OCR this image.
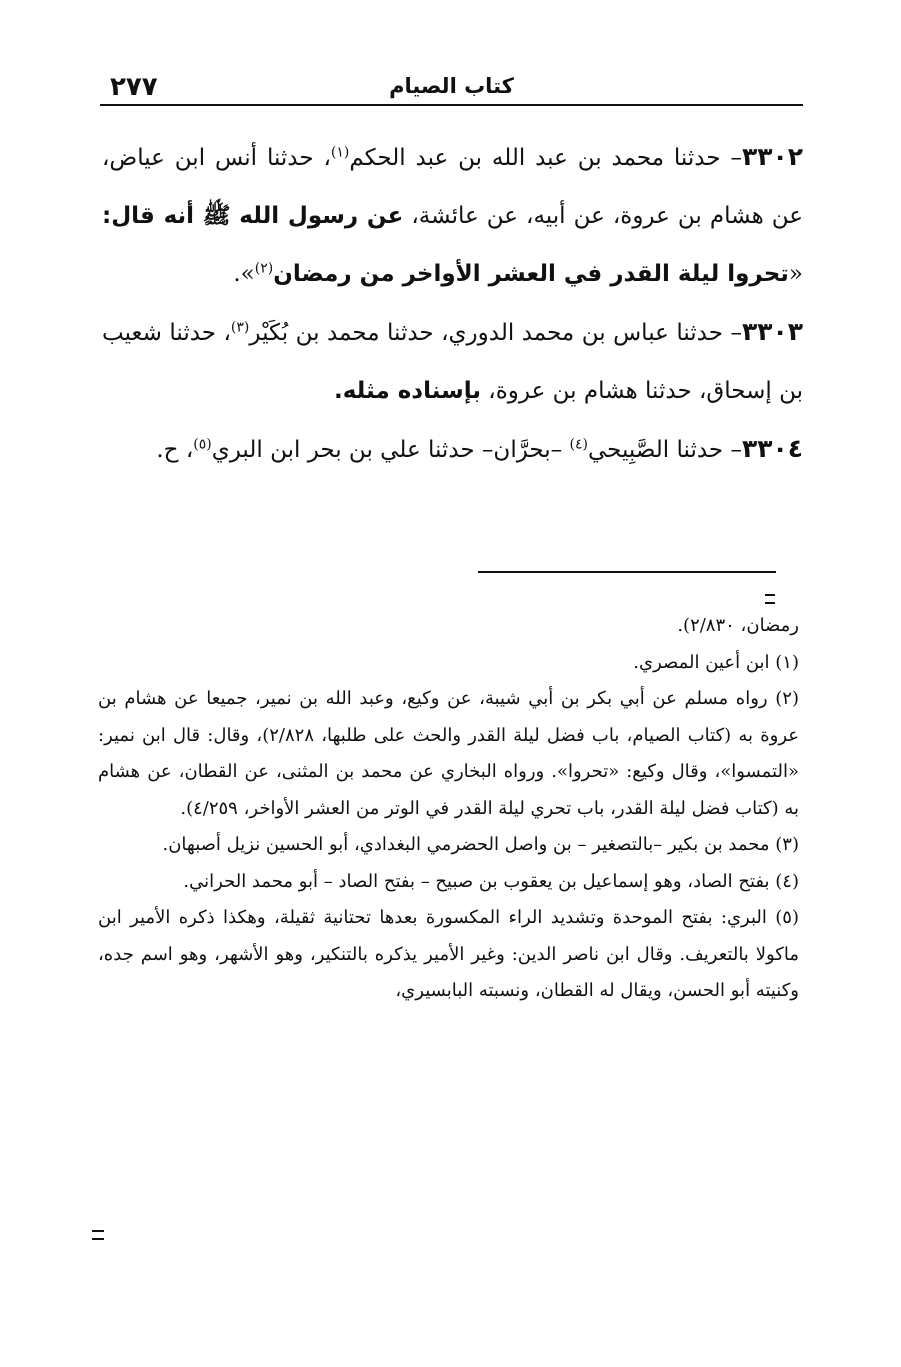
٢٧٧	كتاب الصيام

٣٣٠٢– حدثنا محمد بن عبد الله بن عبد الحكم$^{(١)}$، حدثنا أنس ابن عياض، عن هشام بن عروة، عن أبيه، عن عائشة، عن رسول الله ﷺ أنه قال: «تحروا ليلة القدر في العشر الأواخر من رمضان$^{(٢)}$».

٣٣٠٣– حدثنا عباس بن محمد الدوري، حدثنا محمد بن بُكَيْر$^{(٣)}$، حدثنا شعيب بن إسحاق، حدثنا هشام بن عروة، بإسناده مثله.

٣٣٠٤– حدثنا الصَّبِيحي$^{(٤)}$ –بحرَّان– حدثنا علي بن بحر ابن البري$^{(٥)}$، ح.

رمضان، ٢/٨٣٠).

(١) ابن أعين المصري.

(٢) رواه مسلم عن أبي بكر بن أبي شيبة، عن وكيع، وعبد الله بن نمير، جميعا عن هشام بن عروة به (كتاب الصيام، باب فضل ليلة القدر والحث على طلبها، ٢/٨٢٨)، وقال: قال ابن نمير: «التمسوا»، وقال وكيع: «تحروا». ورواه البخاري عن محمد بن المثنى، عن القطان، عن هشام به (كتاب فضل ليلة القدر، باب تحري ليلة القدر في الوتر من العشر الأواخر، ٤/٢٥٩).

(٣) محمد بن بكير –بالتصغير – بن واصل الحضرمي البغدادي، أبو الحسين نزيل أصبهان.

(٤) بفتح الصاد، وهو إسماعيل بن يعقوب بن صبيح – بفتح الصاد – أبو محمد الحراني.

(٥) البري: بفتح الموحدة وتشديد الراء المكسورة بعدها تحتانية ثقيلة، وهكذا ذكره الأمير ابن ماكولا بالتعريف. وقال ابن ناصر الدين: وغير الأمير يذكره بالتنكير، وهو الأشهر، وهو اسم جده، وكنيته أبو الحسن، ويقال له القطان، ونسبته البابسيري،
